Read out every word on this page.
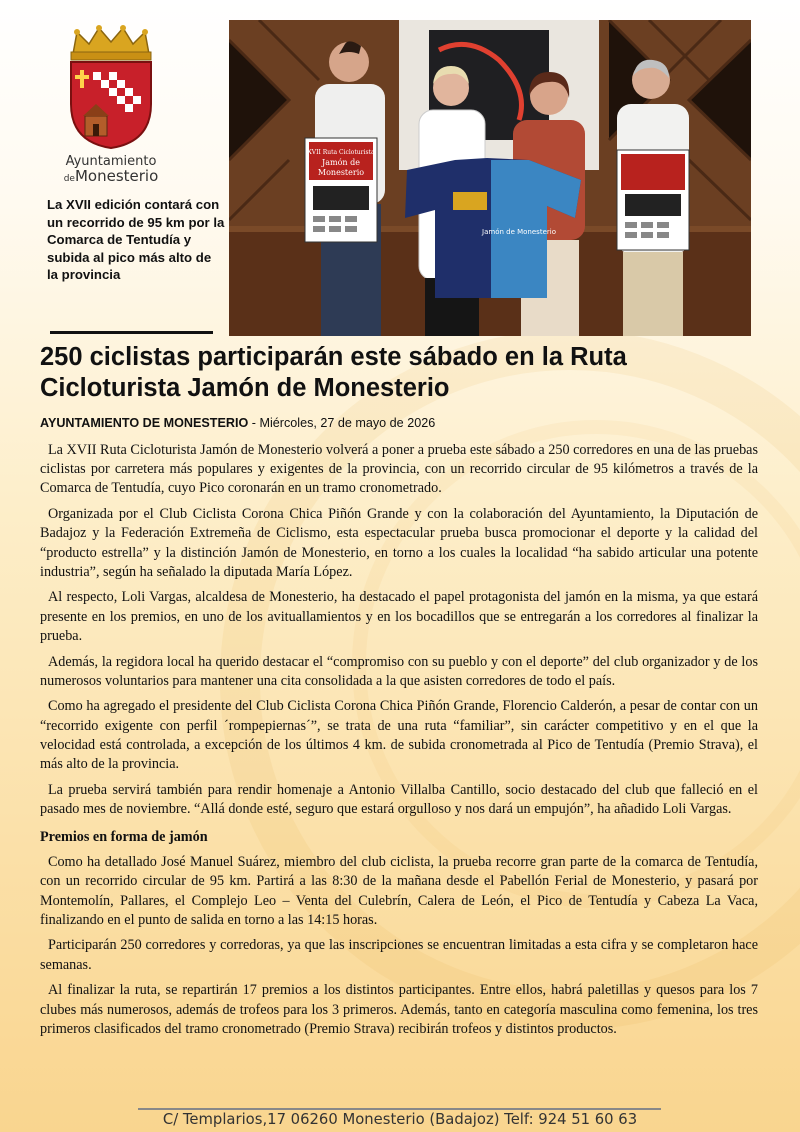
Ayuntamiento
deMonesterio
La XVII edición contará con un recorrido de 95 km por la Comarca de Tentudía y subida al pico más alto de la provincia
XVII Ruta Cicloturista
Jamón de
Monesterio
Jamón de Monesterio
250 ciclistas participarán este sábado en la Ruta Cicloturista Jamón de Monesterio
AYUNTAMIENTO DE MONESTERIO - Miércoles, 27 de mayo de 2026

La XVII Ruta Cicloturista Jamón de Monesterio volverá a poner a prueba este sábado a 250 corredores en una de las pruebas ciclistas por carretera más populares y exigentes de la provincia, con un recorrido circular de 95 kilómetros a través de la Comarca de Tentudía, cuyo Pico coronarán en un tramo cronometrado.

Organizada por el Club Ciclista Corona Chica Piñón Grande y con la colaboración del Ayuntamiento, la Diputación de Badajoz y la Federación Extremeña de Ciclismo, esta espectacular prueba busca promocionar el deporte y la calidad del “producto estrella” y la distinción Jamón de Monesterio, en torno a los cuales la localidad “ha sabido articular una potente industria”, según ha señalado la diputada María López.

Al respecto, Loli Vargas, alcaldesa de Monesterio, ha destacado el papel protagonista del jamón en la misma, ya que estará presente en los premios, en uno de los avituallamientos y en los bocadillos que se entregarán a los corredores al finalizar la prueba.

Además, la regidora local ha querido destacar el “compromiso con su pueblo y con el deporte” del club organizador y de los numerosos voluntarios para mantener una cita consolidada a la que asisten corredores de todo el país.

Como ha agregado el presidente del Club Ciclista Corona Chica Piñón Grande, Florencio Calderón, a pesar de contar con un “recorrido exigente con perfil ´rompepiernas´”, se trata de una ruta “familiar”, sin carácter competitivo y en el que la velocidad está controlada, a excepción de los últimos 4 km. de subida cronometrada al Pico de Tentudía (Premio Strava), el más alto de la provincia.

La prueba servirá también para rendir homenaje a Antonio Villalba Cantillo, socio destacado del club que falleció en el pasado mes de noviembre. “Allá donde esté, seguro que estará orgulloso y nos dará un empujón”, ha añadido Loli Vargas.

Premios en forma de jamón

Como ha detallado José Manuel Suárez, miembro del club ciclista, la prueba recorre gran parte de la comarca de Tentudía, con un recorrido circular de 95 km. Partirá a las 8:30 de la mañana desde el Pabellón Ferial de Monesterio, y pasará por Montemolín, Pallares, el Complejo Leo – Venta del Culebrín, Calera de León, el Pico de Tentudía y Cabeza La Vaca, finalizando en el punto de salida en torno a las 14:15 horas.

Participarán 250 corredores y corredoras, ya que las inscripciones se encuentran limitadas a esta cifra y se completaron hace semanas.

Al finalizar la ruta, se repartirán 17 premios a los distintos participantes. Entre ellos, habrá paletillas y quesos para los 7 clubes más numerosos, además de trofeos para los 3 primeros. Además, tanto en categoría masculina como femenina, los tres primeros clasificados del tramo cronometrado (Premio Strava) recibirán trofeos y distintos productos.

C/ Templarios,17 06260 Monesterio (Badajoz) Telf: 924 51 60 63
